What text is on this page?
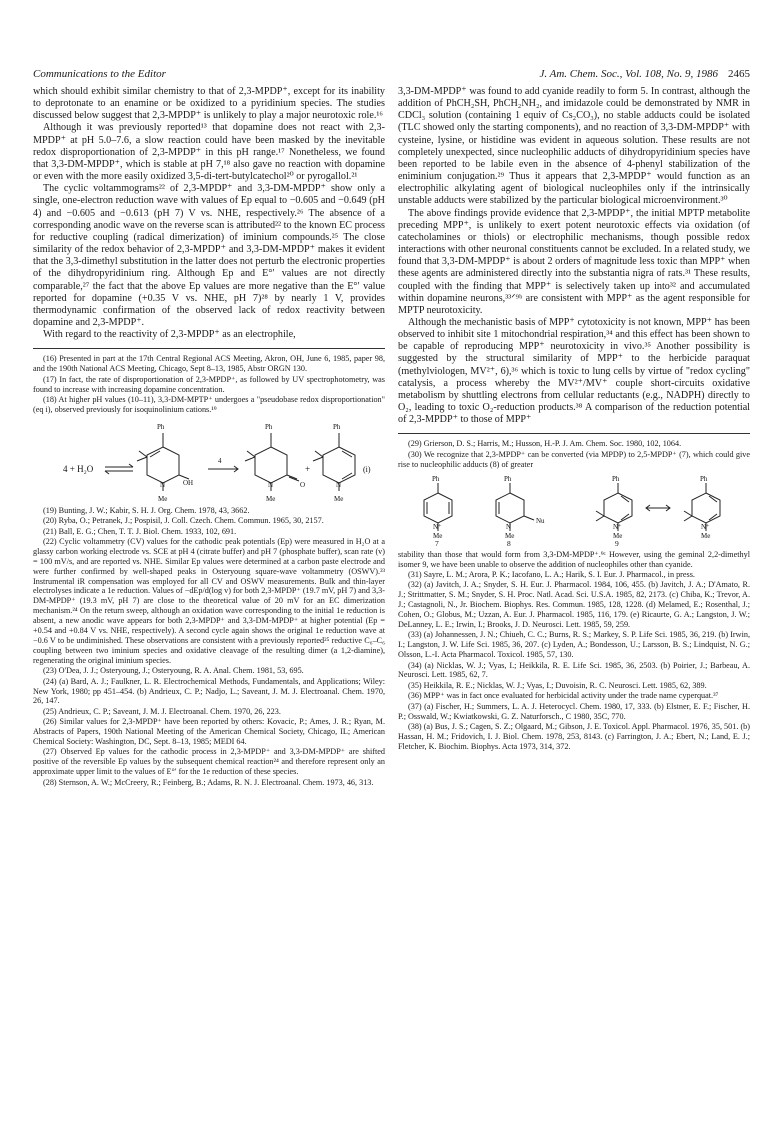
Communications to the Editor	J. Am. Chem. Soc., Vol. 108, No. 9, 1986 2465

which should exhibit similar chemistry to that of 2,3-MPDP⁺, except for its inability to deprotonate to an enamine or be oxidized to a pyridinium species. The studies discussed below suggest that 2,3-MPDP⁺ is unlikely to play a major neurotoxic role.¹⁶

Although it was previously reported¹³ that dopamine does not react with 2,3-MPDP⁺ at pH 5.0–7.6, a slow reaction could have been masked by the inevitable redox disproportionation of 2,3-MPDP⁺ in this pH range.¹⁷ Nonetheless, we found that 3,3-DM-MPDP⁺, which is stable at pH 7,¹⁸ also gave no reaction with dopamine or even with the more easily oxidized 3,5-di-tert-butylcatechol²⁰ or pyrogallol.²¹

The cyclic voltammograms²² of 2,3-MPDP⁺ and 3,3-DM-MPDP⁺ show only a single, one-electron reduction wave with values of Ep equal to −0.605 and −0.649 (pH 4) and −0.605 and −0.613 (pH 7) V vs. NHE, respectively.²⁶ The absence of a corresponding anodic wave on the reverse scan is attributed²² to the known EC process for reductive coupling (radical dimerization) of iminium compounds.²⁵ The close similarity of the redox behavior of 2,3-MPDP⁺ and 3,3-DM-MPDP⁺ makes it evident that the 3,3-dimethyl substitution in the latter does not perturb the electronic properties of the dihydropyridinium ring. Although Ep and E°′ values are not directly comparable,²⁷ the fact that the above Ep values are more negative than the E°′ value reported for dopamine (+0.35 V vs. NHE, pH 7)²⁸ by nearly 1 V, provides thermodynamic confirmation of the observed lack of redox reactivity between dopamine and 2,3-MPDP⁺.

With regard to the reactivity of 2,3-MPDP⁺ as an electrophile,

(16) Presented in part at the 17th Central Regional ACS Meeting, Akron, OH, June 6, 1985, paper 98, and the 190th National ACS Meeting, Chicago, Sept 8–13, 1985, Abstr ORGN 130.
(17) In fact, the rate of disproportionation of 2,3-MPDP⁺, as followed by UV spectrophotometry, was found to increase with increasing dopamine concentration.
(18) At higher pH values (10–11), 3,3-DM-MPTP⁺ undergoes a "pseudobase redox disproportionation" (eq i), observed previously for isoquinolinium cations.¹⁹
4 + H₂O
Ph
Me
N	OH
4
Ph
Me
N	O
+
Ph
Me
N
(i)
(19) Bunting, J. W.; Kabir, S. H. J. Org. Chem. 1978, 43, 3662.
(20) Ryba, O.; Petranek, J.; Pospisil, J. Coll. Czech. Chem. Commun. 1965, 30, 2157.
(21) Ball, E. G.; Chen, T. T. J. Biol. Chem. 1933, 102, 691.
(22) Cyclic voltammetry (CV) values for the cathodic peak potentials (Ep) were measured in H₂O at a glassy carbon working electrode vs. SCE at pH 4 (citrate buffer) and pH 7 (phosphate buffer), scan rate (v) = 100 mV/s, and are reported vs. NHE. Similar Ep values were determined at a carbon paste electrode and were further confirmed by well-shaped peaks in Osteryoung square-wave voltammetry (OSWV).²³ Instrumental iR compensation was employed for all CV and OSWV measurements. Bulk and thin-layer electrolyses indicate a 1e reduction. Values of −dEp/d(log v) for both 2,3-MPDP⁺ (19.7 mV, pH 7) and 3,3-DM-MPDP⁺ (19.3 mV, pH 7) are close to the theoretical value of 20 mV for an EC dimerization mechanism.²⁴ On the return sweep, although an oxidation wave corresponding to the initial 1e reduction is absent, a new anodic wave appears for both 2,3-MPDP⁺ and 3,3-DM-MPDP⁺ at higher potential (Ep = +0.54 and +0.84 V vs. NHE, respectively). A second cycle again shows the original 1e reduction wave at −0.6 V to be undiminished. These observations are consistent with a previously reported²⁵ reductive C₆–C₆ coupling between two iminium species and oxidative cleavage of the resulting dimer (a 1,2-diamine), regenerating the original iminium species.
(23) O'Dea, J. J.; Osteryoung, J.; Osteryoung, R. A. Anal. Chem. 1981, 53, 695.
(24) (a) Bard, A. J.; Faulkner, L. R. Electrochemical Methods, Fundamentals, and Applications; Wiley: New York, 1980; pp 451–454. (b) Andrieux, C. P.; Nadjo, L.; Saveant, J. M. J. Electroanal. Chem. 1970, 26, 147.
(25) Andrieux, C. P.; Saveant, J. M. J. Electroanal. Chem. 1970, 26, 223.
(26) Similar values for 2,3-MPDP⁺ have been reported by others: Kovacic, P.; Ames, J. R.; Ryan, M. Abstracts of Papers, 190th National Meeting of the American Chemical Society, Chicago, IL; American Chemical Society: Washington, DC, Sept. 8–13, 1985; MEDI 64.
(27) Observed Ep values for the cathodic process in 2,3-MPDP⁺ and 3,3-DM-MPDP⁺ are shifted positive of the reversible Ep values by the subsequent chemical reaction²⁴ and therefore represent only an approximate upper limit to the values of E°′ for the 1e reduction of these species.
(28) Sternson, A. W.; McCreery, R.; Feinberg, B.; Adams, R. N. J. Electroanal. Chem. 1973, 46, 313.

3,3-DM-MPDP⁺ was found to add cyanide readily to form 5. In contrast, although the addition of PhCH₂SH, PhCH₂NH₂, and imidazole could be demonstrated by NMR in CDCl₃ solution (containing 1 equiv of Cs₂CO₃), no stable adducts could be isolated (TLC showed only the starting components), and no reaction of 3,3-DM-MPDP⁺ with cysteine, lysine, or histidine was evident in aqueous solution. These results are not completely unexpected, since nucleophilic adducts of dihydropyridinium species have been reported to be labile even in the absence of 4-phenyl stabilization of the eniminium conjugation.²⁹ Thus it appears that 2,3-MPDP⁺ would function as an electrophilic alkylating agent of biological nucleophiles only if the intrinsically unstable adducts were stabilized by the particular biological microenvironment.³⁰

The above findings provide evidence that 2,3-MPDP⁺, the initial MPTP metabolite preceding MPP⁺, is unlikely to exert potent neurotoxic effects via oxidation (of catecholamines or thiols) or electrophilic mechanisms, though possible redox interactions with other neuronal constituents cannot be excluded. In a related study, we found that 3,3-DM-MPDP⁺ is about 2 orders of magnitude less toxic than MPP⁺ when these agents are administered directly into the substantia nigra of rats.³¹ These results, coupled with the finding that MPP⁺ is selectively taken up into³² and accumulated within dopamine neurons,³³ᐟ⁹ᵇ are consistent with MPP⁺ as the agent responsible for MPTP neurotoxicity.

Although the mechanistic basis of MPP⁺ cytotoxicity is not known, MPP⁺ has been observed to inhibit site 1 mitochondrial respiration,³⁴ and this effect has been shown to be capable of reproducing MPP⁺ neurotoxicity in vivo.³⁵ Another possibility is suggested by the structural similarity of MPP⁺ to the herbicide paraquat (methylviologen, MV²⁺, 6),³⁶ which is toxic to lung cells by virtue of "redox cycling" catalysis, a process whereby the MV²⁺/MV⁺ couple short-circuits oxidative metabolism by shuttling electrons from cellular reductants (e.g., NADPH) directly to O₂, leading to toxic O₂-reduction products.³⁸ A comparison of the reduction potential of 2,3-MPDP⁺ to those of MPP⁺

(29) Grierson, D. S.; Harris, M.; Husson, H.-P. J. Am. Chem. Soc. 1980, 102, 1064.
(30) We recognize that 2,3-MPDP⁺ can be converted (via MPDP) to 2,5-MPDP⁺ (7), which could give rise to nucleophilic adducts (8) of greater
Ph
N⁺
Me
7
Ph
N
Nu
Me
8
Ph
N⁺
Me
9
Ph
N⁺
Me
stability than those that would form from 3,3-DM-MPDP⁺.⁹ᶜ However, using the geminal 2,2-dimethyl isomer 9, we have been unable to observe the addition of nucleophiles other than cyanide.
(31) Sayre, L. M.; Arora, P. K.; Iacofano, L. A.; Harik, S. I. Eur. J. Pharmacol., in press.
(32) (a) Javitch, J. A.; Snyder, S. H. Eur. J. Pharmacol. 1984, 106, 455. (b) Javitch, J. A.; D'Amato, R. J.; Strittmatter, S. M.; Snyder, S. H. Proc. Natl. Acad. Sci. U.S.A. 1985, 82, 2173. (c) Chiba, K.; Trevor, A. J.; Castagnoli, N., Jr. Biochem. Biophys. Res. Commun. 1985, 128, 1228. (d) Melamed, E.; Rosenthal, J.; Cohen, O.; Globus, M.; Uzzan, A. Eur. J. Pharmacol. 1985, 116, 179. (e) Ricaurte, G. A.; Langston, J. W.; DeLanney, L. E.; Irwin, I.; Brooks, J. D. Neurosci. Lett. 1985, 59, 259.
(33) (a) Johannessen, J. N.; Chiueh, C. C.; Burns, R. S.; Markey, S. P. Life Sci. 1985, 36, 219. (b) Irwin, I.; Langston, J. W. Life Sci. 1985, 36, 207. (c) Lyden, A.; Bondesson, U.; Larsson, B. S.; Lindquist, N. G.; Olsson, L.-I. Acta Pharmacol. Toxicol. 1985, 57, 130.
(34) (a) Nicklas, W. J.; Vyas, I.; Heikkila, R. E. Life Sci. 1985, 36, 2503. (b) Poirier, J.; Barbeau, A. Neurosci. Lett. 1985, 62, 7.
(35) Heikkila, R. E.; Nicklas, W. J.; Vyas, I.; Duvoisin, R. C. Neurosci. Lett. 1985, 62, 389.
(36) MPP⁺ was in fact once evaluated for herbicidal activity under the trade name cyperquat.³⁷
(37) (a) Fischer, H.; Summers, L. A. J. Heterocycl. Chem. 1980, 17, 333. (b) Elstner, E. F.; Fischer, H. P.; Osswald, W.; Kwiatkowski, G. Z. Naturforsch., C 1980, 35C, 770.
(38) (a) Bus, J. S.; Cagen, S. Z.; Olgaard, M.; Gibson, J. E. Toxicol. Appl. Pharmacol. 1976, 35, 501. (b) Hassan, H. M.; Fridovich, I. J. Biol. Chem. 1978, 253, 8143. (c) Farrington, J. A.; Ebert, N.; Land, E. J.; Fletcher, K. Biochim. Biophys. Acta 1973, 314, 372.
